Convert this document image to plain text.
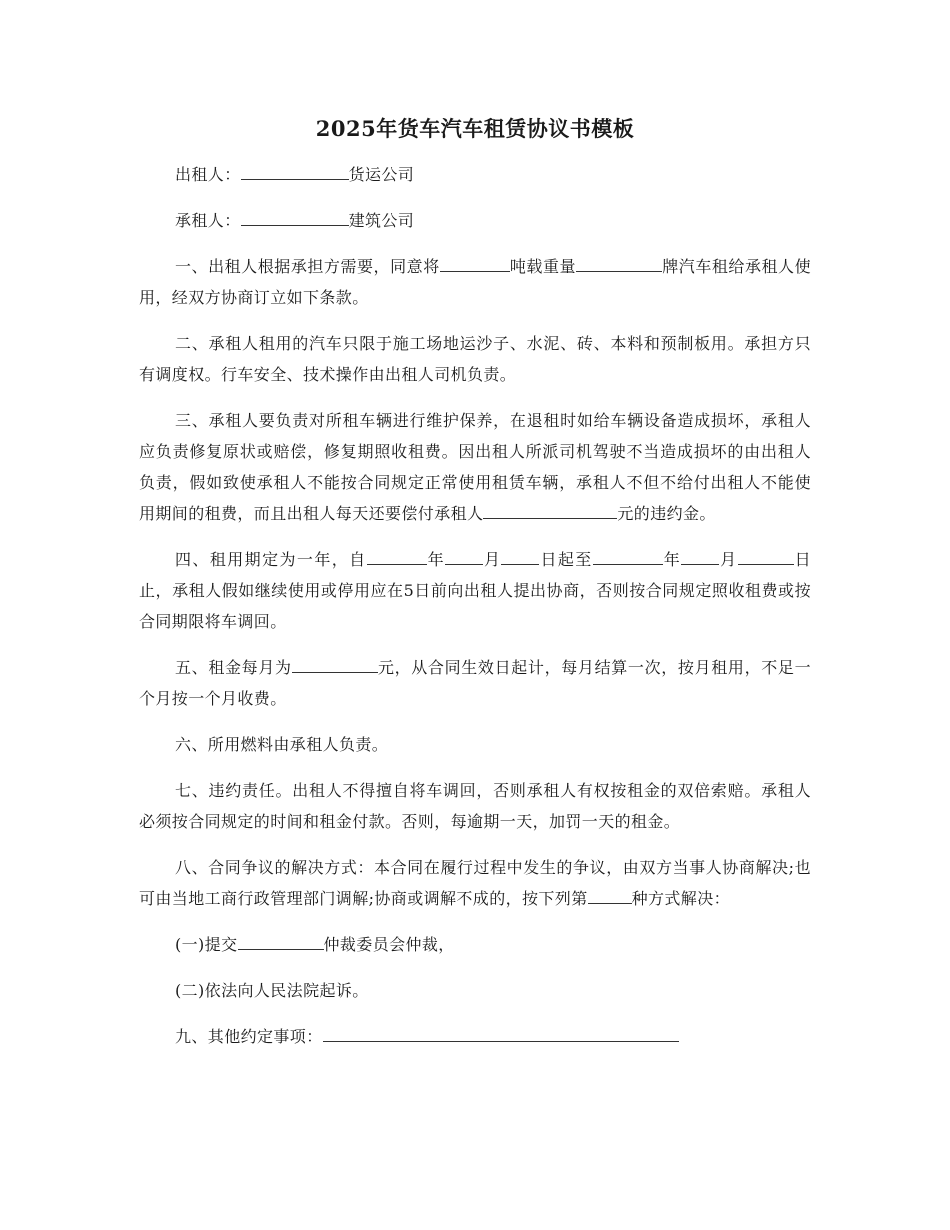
2025年货车汽车租赁协议书模板

出租人：	货运公司

承租人：	建筑公司

一、出租人根据承担方需要，同意将	吨载重量	牌汽车租给承租人使用，经双方协商订立如下条款。

二、承租人租用的汽车只限于施工场地运沙子、水泥、砖、本料和预制板用。承担方只有调度权。行车安全、技术操作由出租人司机负责。

三、承租人要负责对所租车辆进行维护保养，在退租时如给车辆设备造成损坏，承租人应负责修复原状或赔偿，修复期照收租费。因出租人所派司机驾驶不当造成损坏的由出租人负责，假如致使承租人不能按合同规定正常使用租赁车辆，承租人不但不给付出租人不能使用期间的租费，而且出租人每天还要偿付承租人	元的违约金。

四、租用期定为一年，自	年 月 日起至	年 月	日止，承租人假如继续使用或停用应在5日前向出租人提出协商，否则按合同规定照收租费或按合同期限将车调回。

五、租金每月为	元，从合同生效日起计，每月结算一次，按月租用，不足一个月按一个月收费。

六、所用燃料由承租人负责。

七、违约责任。出租人不得擅自将车调回，否则承租人有权按租金的双倍索赔。承租人必须按合同规定的时间和租金付款。否则，每逾期一天，加罚一天的租金。

八、合同争议的解决方式：本合同在履行过程中发生的争议，由双方当事人协商解决;也可由当地工商行政管理部门调解;协商或调解不成的，按下列第	种方式解决：

(一)提交	仲裁委员会仲裁，

(二)依法向人民法院起诉。

九、其他约定事项：
